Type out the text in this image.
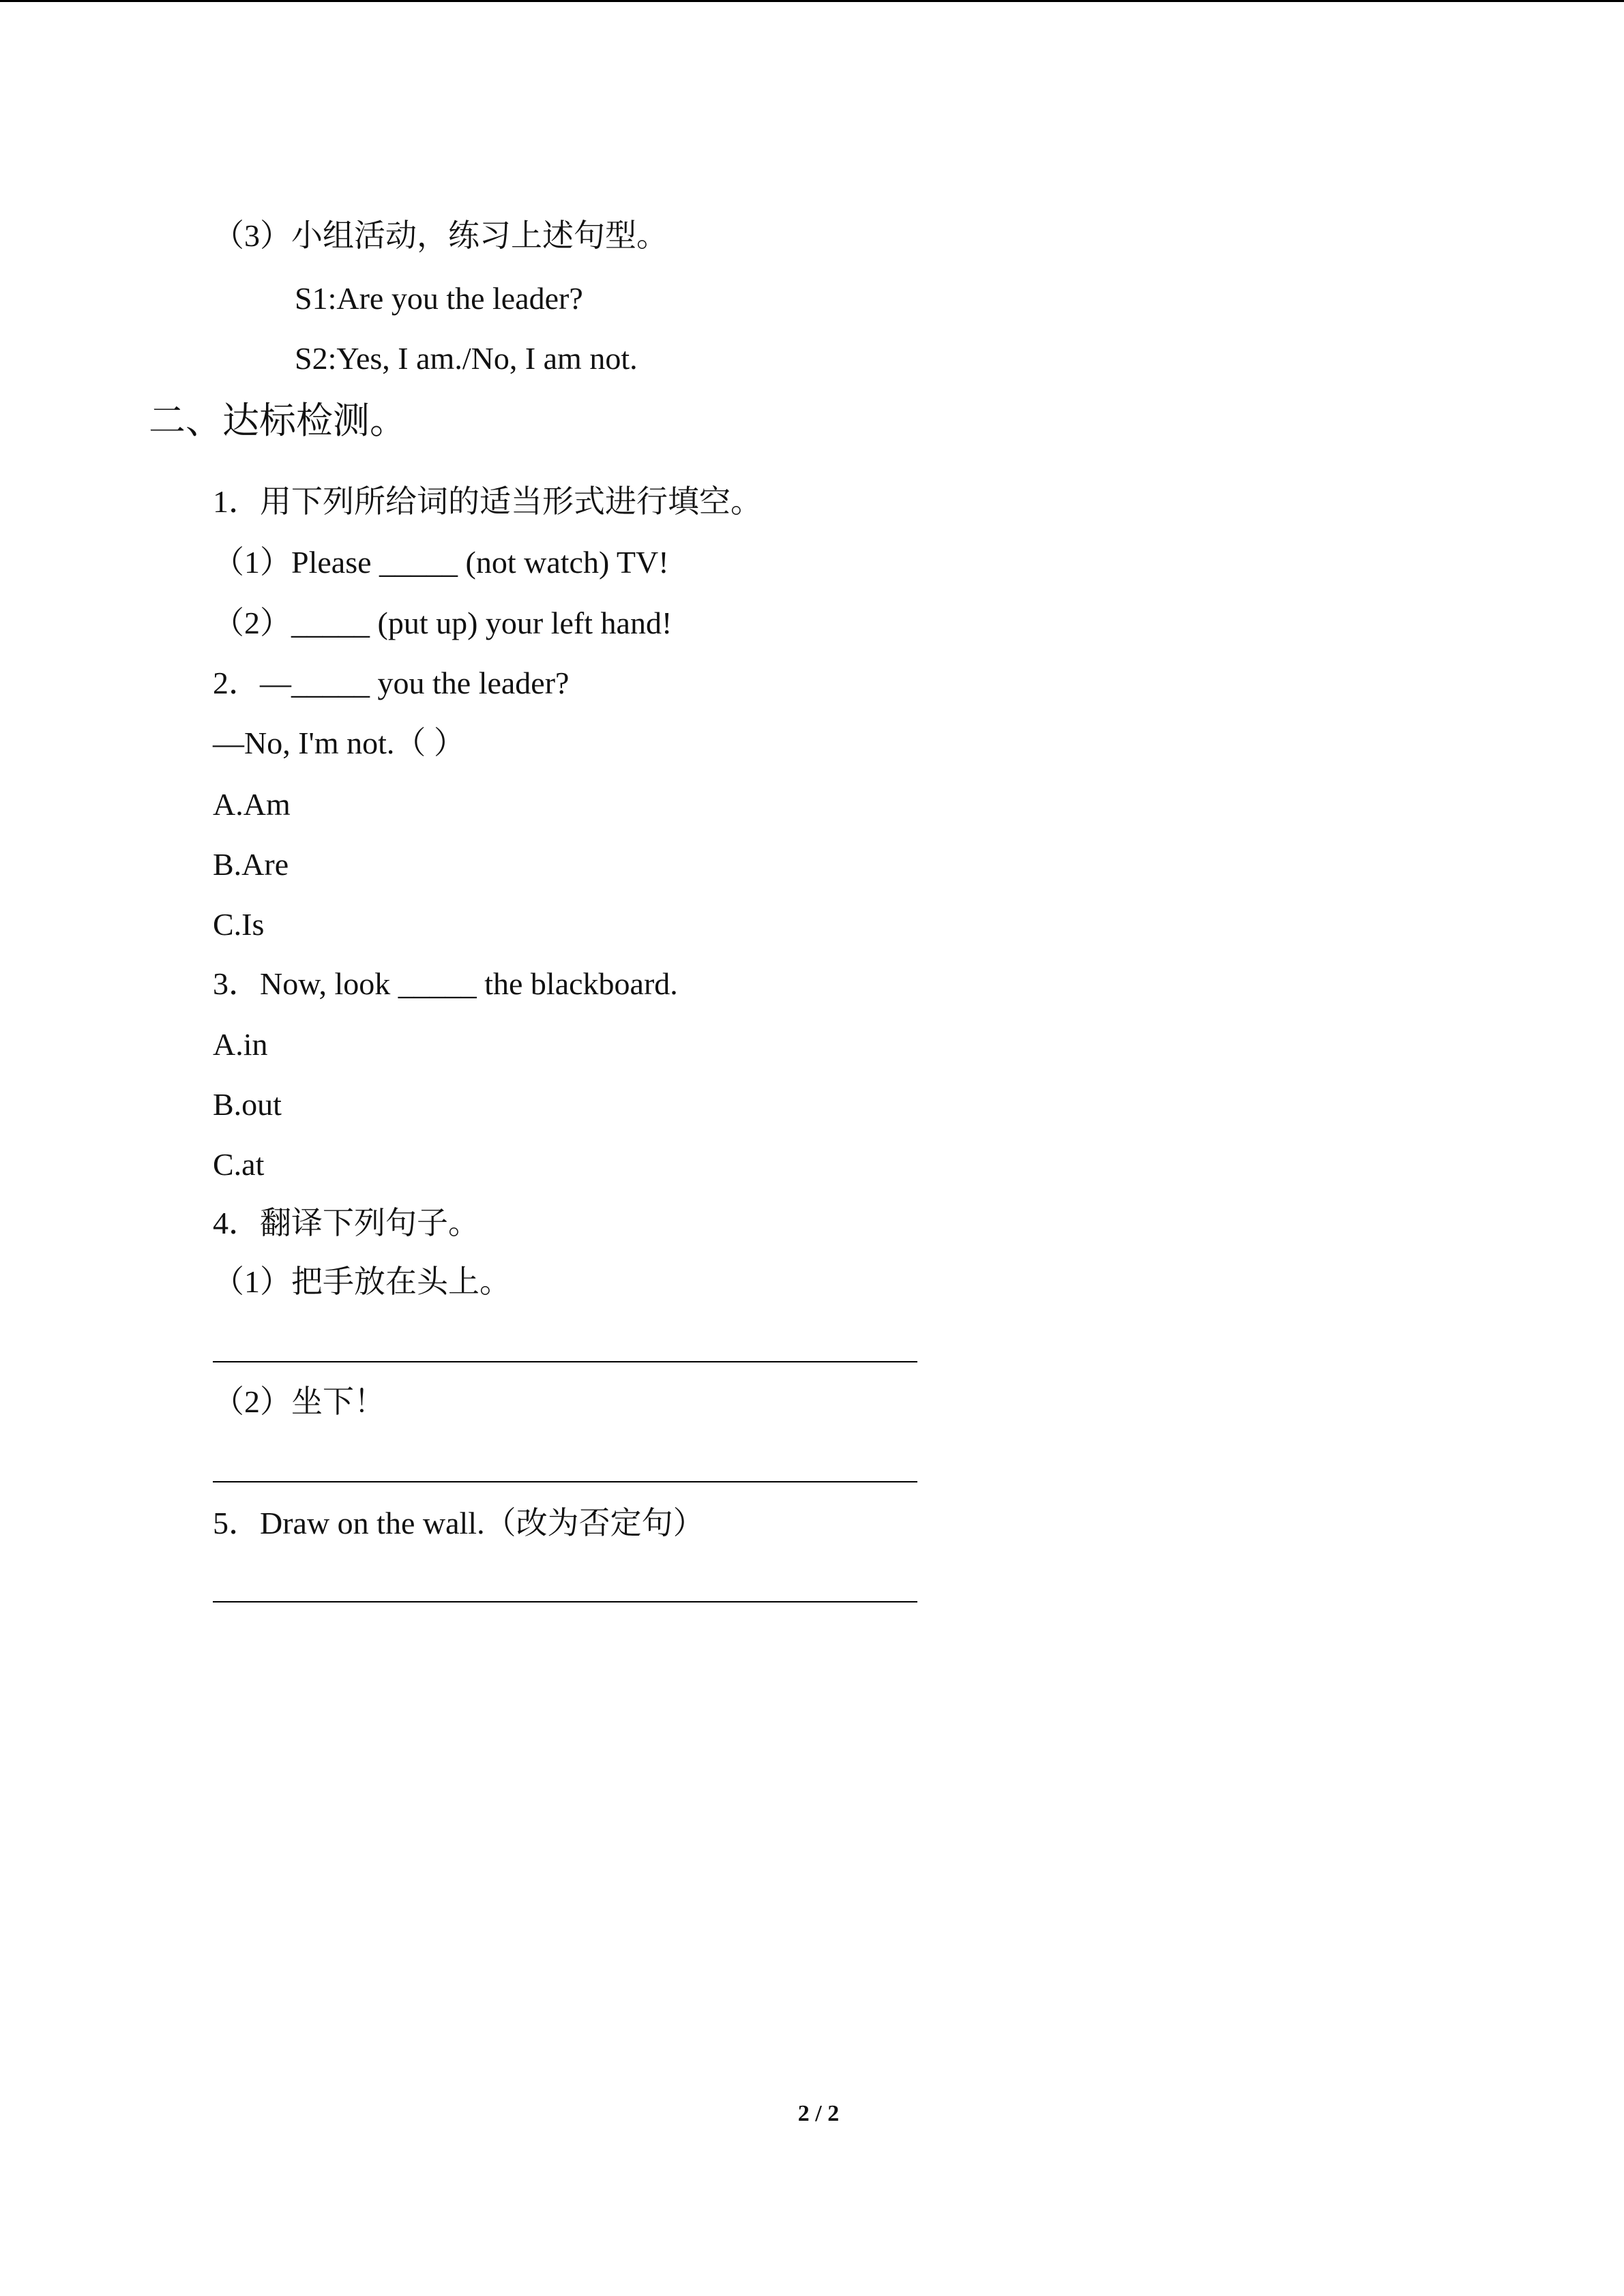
（3）小组活动，练习上述句型。
S1:Are you the leader?
S2:Yes, I am./No, I am not.
二、达标检测。
1．用下列所给词的适当形式进行填空。
（1）Please _____ (not watch) TV!
（2）_____ (put up) your left hand!
2．—_____ you the leader?
—No, I'm not.（ ）
A.Am
B.Are
C.Is
3．Now, look _____ the blackboard.
A.in
B.out
C.at
4．翻译下列句子。
（1）把手放在头上。
（2）坐下！
5．Draw on the wall.（改为否定句）
2 / 2
